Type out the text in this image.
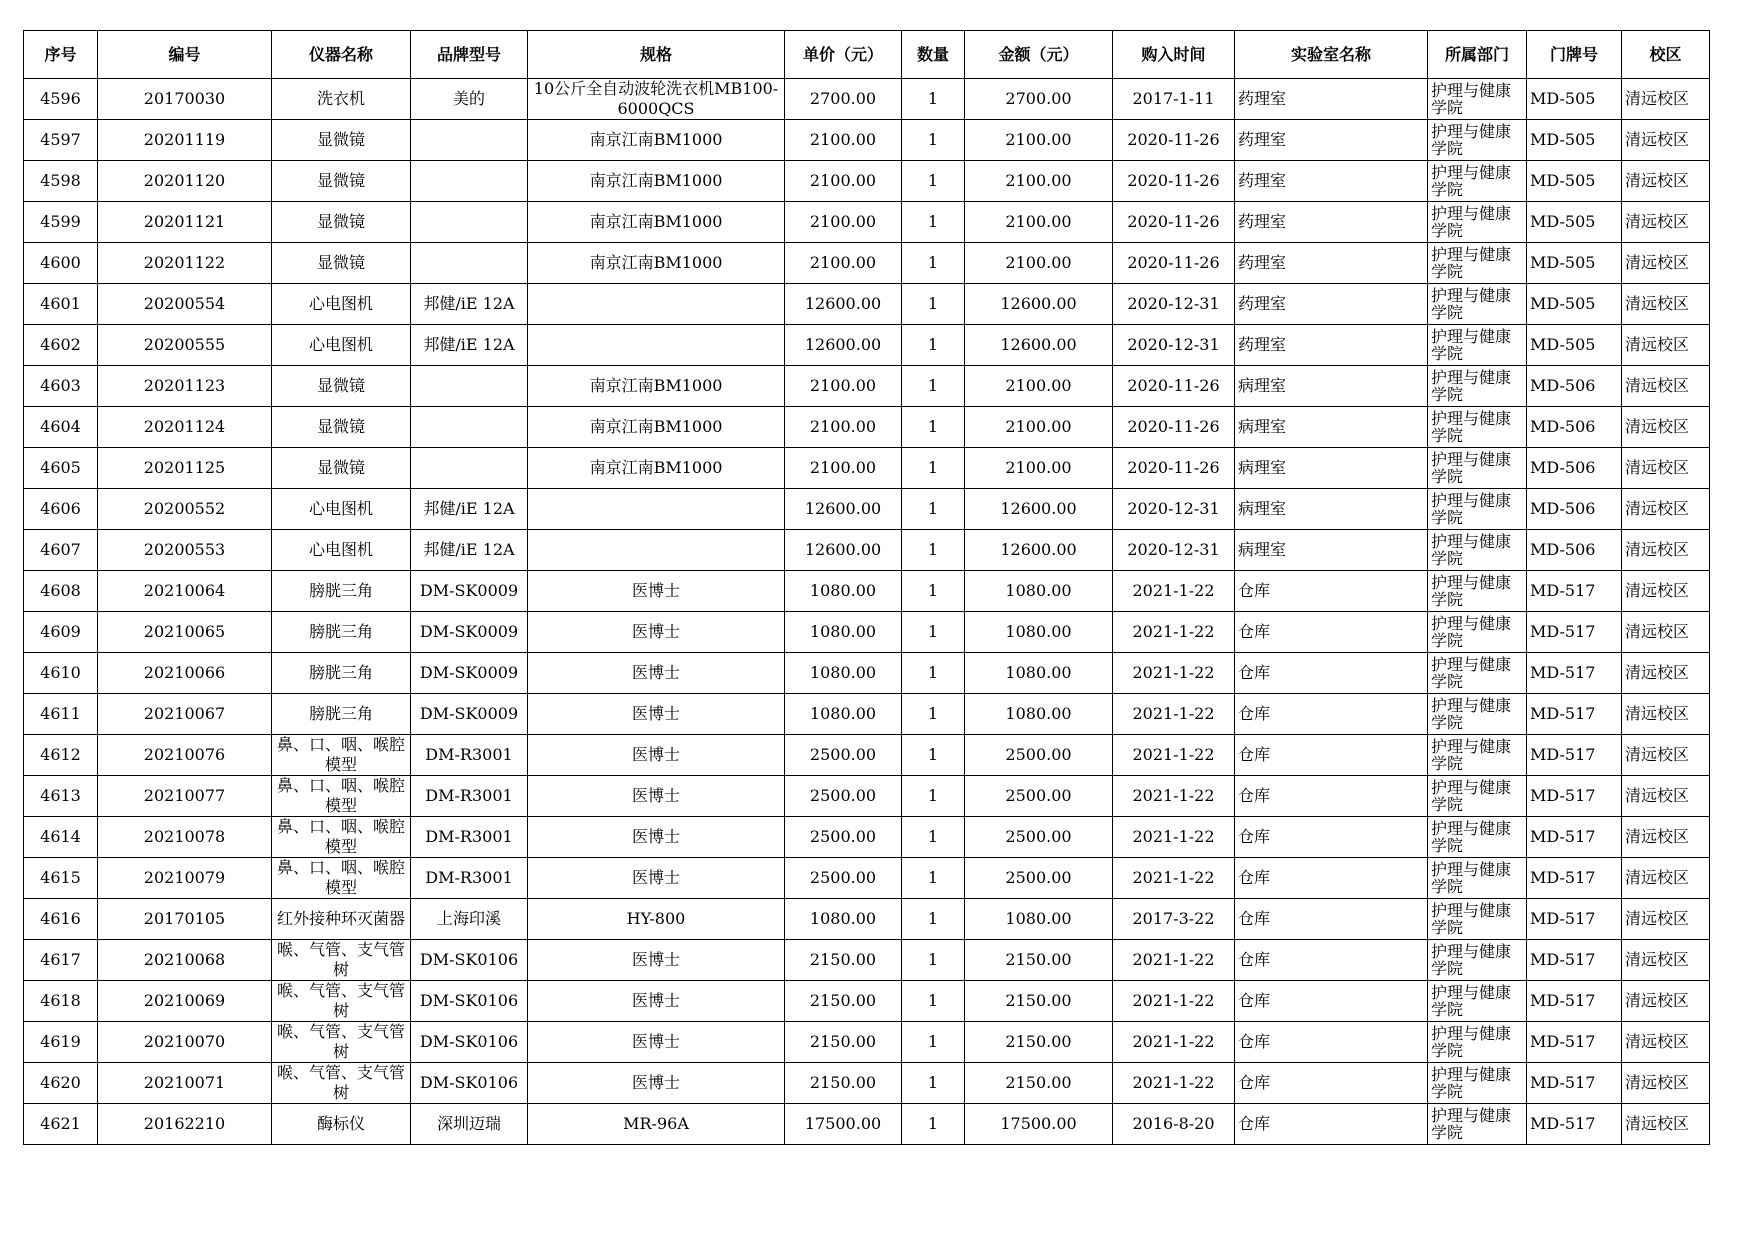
序号	编号	仪器名称	品牌型号	规格	单价（元）	数量	金额（元）	购入时间	实验室名称	所属部门	门牌号	校区

4596	20170030	洗衣机	美的	10公斤全自动波轮洗衣机MB100-6000QCS	2700.00	1	2700.00	2017-1-11	药理室	护理与健康学院	MD-505	清远校区

4597	20201119	显微镜		南京江南BM1000	2100.00	1	2100.00	2020-11-26	药理室	护理与健康学院	MD-505	清远校区

4598	20201120	显微镜		南京江南BM1000	2100.00	1	2100.00	2020-11-26	药理室	护理与健康学院	MD-505	清远校区

4599	20201121	显微镜		南京江南BM1000	2100.00	1	2100.00	2020-11-26	药理室	护理与健康学院	MD-505	清远校区

4600	20201122	显微镜		南京江南BM1000	2100.00	1	2100.00	2020-11-26	药理室	护理与健康学院	MD-505	清远校区

4601	20200554	心电图机	邦健/iE 12A		12600.00	1	12600.00	2020-12-31	药理室	护理与健康学院	MD-505	清远校区

4602	20200555	心电图机	邦健/iE 12A		12600.00	1	12600.00	2020-12-31	药理室	护理与健康学院	MD-505	清远校区

4603	20201123	显微镜		南京江南BM1000	2100.00	1	2100.00	2020-11-26	病理室	护理与健康学院	MD-506	清远校区

4604	20201124	显微镜		南京江南BM1000	2100.00	1	2100.00	2020-11-26	病理室	护理与健康学院	MD-506	清远校区

4605	20201125	显微镜		南京江南BM1000	2100.00	1	2100.00	2020-11-26	病理室	护理与健康学院	MD-506	清远校区

4606	20200552	心电图机	邦健/iE 12A		12600.00	1	12600.00	2020-12-31	病理室	护理与健康学院	MD-506	清远校区

4607	20200553	心电图机	邦健/iE 12A		12600.00	1	12600.00	2020-12-31	病理室	护理与健康学院	MD-506	清远校区

4608	20210064	膀胱三角	DM-SK0009	医博士	1080.00	1	1080.00	2021-1-22	仓库	护理与健康学院	MD-517	清远校区

4609	20210065	膀胱三角	DM-SK0009	医博士	1080.00	1	1080.00	2021-1-22	仓库	护理与健康学院	MD-517	清远校区

4610	20210066	膀胱三角	DM-SK0009	医博士	1080.00	1	1080.00	2021-1-22	仓库	护理与健康学院	MD-517	清远校区

4611	20210067	膀胱三角	DM-SK0009	医博士	1080.00	1	1080.00	2021-1-22	仓库	护理与健康学院	MD-517	清远校区

4612	20210076	鼻、口、咽、喉腔模型	DM-R3001	医博士	2500.00	1	2500.00	2021-1-22	仓库	护理与健康学院	MD-517	清远校区

4613	20210077	鼻、口、咽、喉腔模型	DM-R3001	医博士	2500.00	1	2500.00	2021-1-22	仓库	护理与健康学院	MD-517	清远校区

4614	20210078	鼻、口、咽、喉腔模型	DM-R3001	医博士	2500.00	1	2500.00	2021-1-22	仓库	护理与健康学院	MD-517	清远校区

4615	20210079	鼻、口、咽、喉腔模型	DM-R3001	医博士	2500.00	1	2500.00	2021-1-22	仓库	护理与健康学院	MD-517	清远校区

4616	20170105	红外接种环灭菌器	上海印溪	HY-800	1080.00	1	1080.00	2017-3-22	仓库	护理与健康学院	MD-517	清远校区

4617	20210068	喉、气管、支气管树	DM-SK0106	医博士	2150.00	1	2150.00	2021-1-22	仓库	护理与健康学院	MD-517	清远校区

4618	20210069	喉、气管、支气管树	DM-SK0106	医博士	2150.00	1	2150.00	2021-1-22	仓库	护理与健康学院	MD-517	清远校区

4619	20210070	喉、气管、支气管树	DM-SK0106	医博士	2150.00	1	2150.00	2021-1-22	仓库	护理与健康学院	MD-517	清远校区

4620	20210071	喉、气管、支气管树	DM-SK0106	医博士	2150.00	1	2150.00	2021-1-22	仓库	护理与健康学院	MD-517	清远校区

4621	20162210	酶标仪	深圳迈瑞	MR-96A	17500.00	1	17500.00	2016-8-20	仓库	护理与健康学院	MD-517	清远校区
